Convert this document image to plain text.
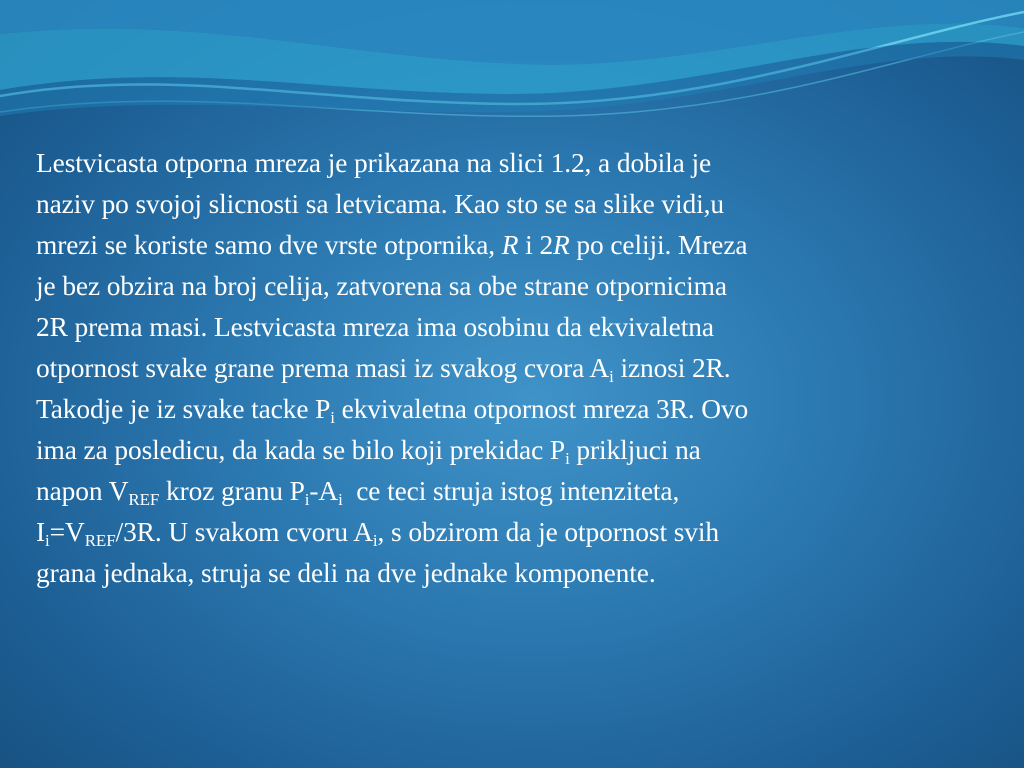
Lestvicasta otporna mreza je prikazana na slici 1.2, a dobila je
naziv po svojoj slicnosti sa letvicama. Kao sto se sa slike vidi,u
mrezi se koriste samo dve vrste otpornika, R i 2R po celiji. Mreza
je bez obzira na broj celija, zatvorena sa obe strane otpornicima
2R prema masi. Lestvicasta mreza ima osobinu da ekvivaletna
otpornost svake grane prema masi iz svakog cvora $A_i$ iznosi 2R.
Takodje je iz svake tacke $P_i$ ekvivaletna otpornost mreza 3R. Ovo
ima za posledicu, da kada se bilo koji prekidac $P_i$ prikljuci na
napon $V_{REF}$ kroz granu $P_i-A_i$  ce teci struja istog intenziteta,
$I_i=V_{REF}/3R$. U svakom cvoru $A_i$, s obzirom da je otpornost svih
grana jednaka, struja se deli na dve jednake komponente.
